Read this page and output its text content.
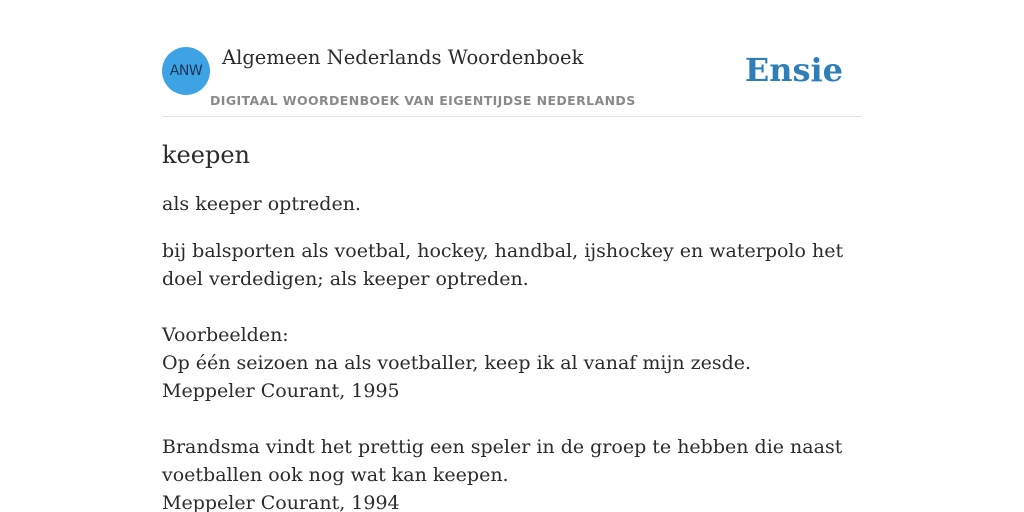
ANW
Algemeen Nederlands Woordenboek
DIGITAAL WOORDENBOEK VAN EIGENTIJDSE NEDERLANDS
Ensie
keepen

als keeper optreden.

bij balsporten als voetbal, hockey, handbal, ijshockey en waterpolo het doel verdedigen; als keeper optreden.
Voorbeelden:
Op één seizoen na als voetballer, keep ik al vanaf mijn zesde.
Meppeler Courant, 1995
Brandsma vindt het prettig een speler in de groep te hebben die naast voetballen ook nog wat kan keepen.
Meppeler Courant, 1994
